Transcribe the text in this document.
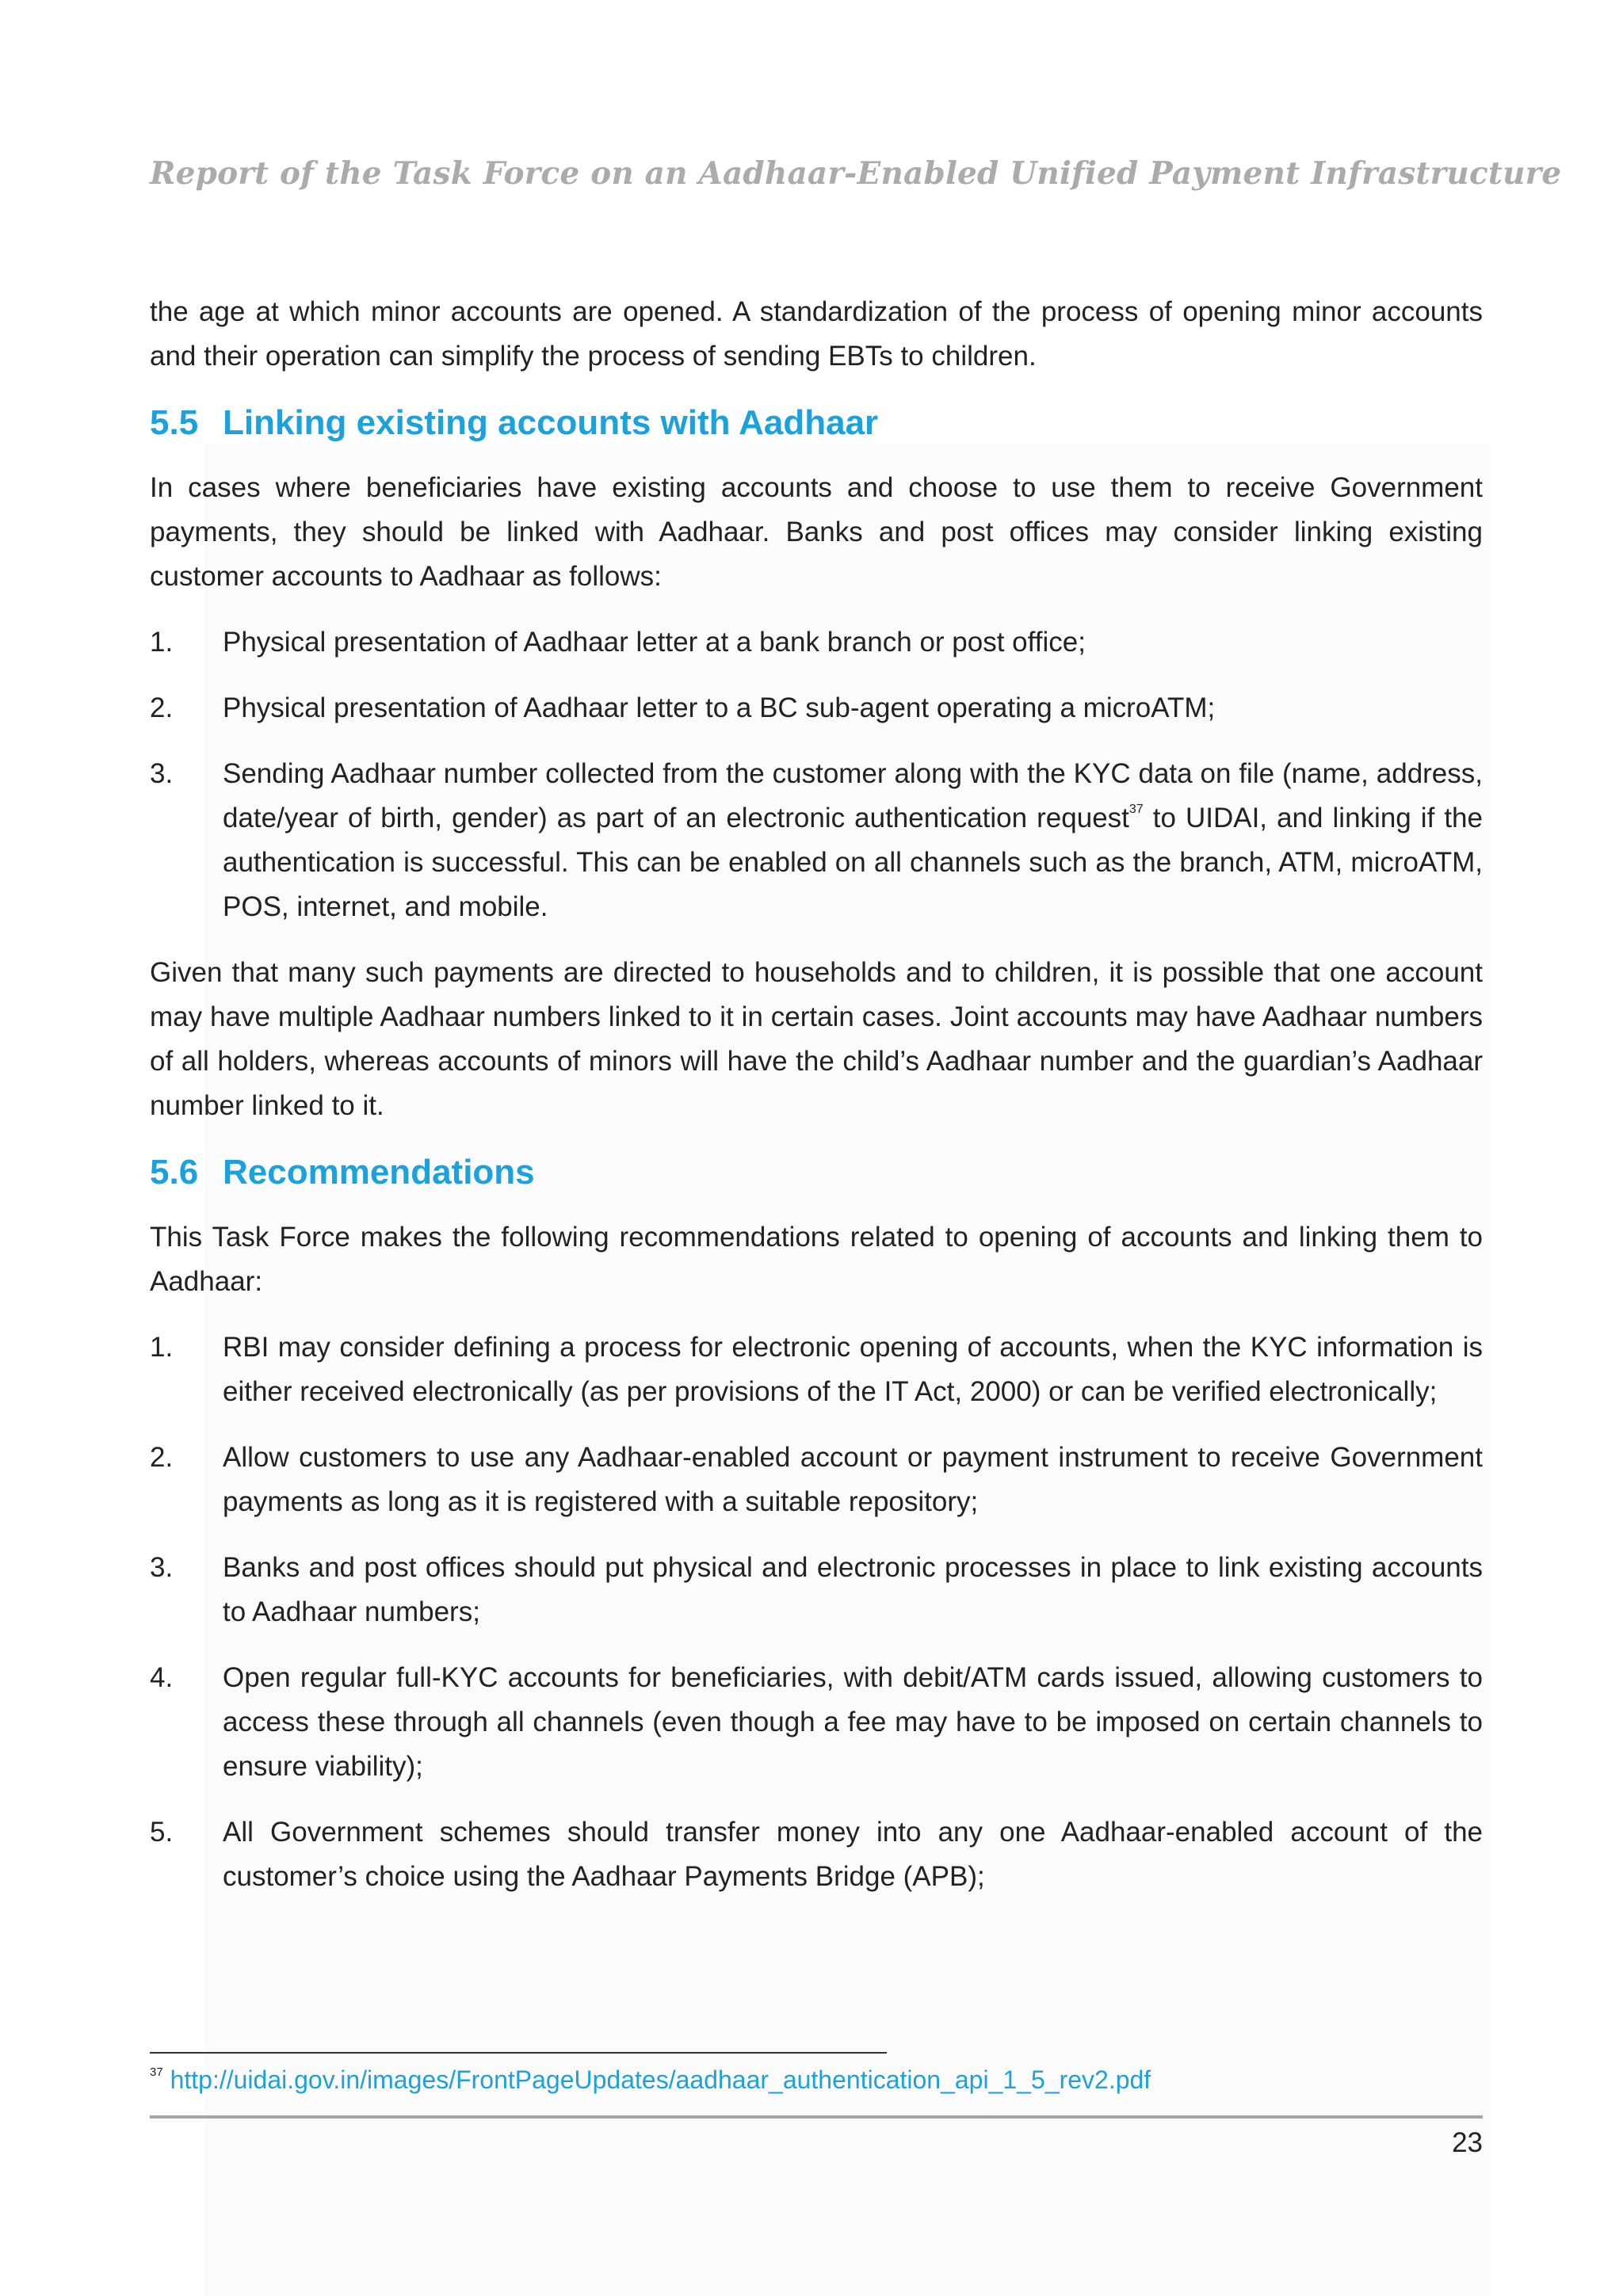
Report of the Task Force on an Aadhaar-Enabled Unified Payment Infrastructure

the age at which minor accounts are opened. A standardization of the process of opening minor accounts and their operation can simplify the process of sending EBTs to children.

5.5 Linking existing accounts with Aadhaar

In cases where beneficiaries have existing accounts and choose to use them to receive Government payments, they should be linked with Aadhaar. Banks and post offices may consider linking existing customer accounts to Aadhaar as follows:

1.	Physical presentation of Aadhaar letter at a bank branch or post office;
2.	Physical presentation of Aadhaar letter to a BC sub-agent operating a microATM;
3.	Sending Aadhaar number collected from the customer along with the KYC data on file (name, address, date/year of birth, gender) as part of an electronic authentication request$^{37}$ to UIDAI, and linking if the authentication is successful. This can be enabled on all channels such as the branch, ATM, microATM, POS, internet, and mobile.

Given that many such payments are directed to households and to children, it is possible that one account may have multiple Aadhaar numbers linked to it in certain cases. Joint accounts may have Aadhaar numbers of all holders, whereas accounts of minors will have the child’s Aadhaar number and the guardian’s Aadhaar number linked to it.

5.6 Recommendations

This Task Force makes the following recommendations related to opening of accounts and linking them to Aadhaar:

1.	RBI may consider defining a process for electronic opening of accounts, when the KYC information is either received electronically (as per provisions of the IT Act, 2000) or can be verified electronically;
2.	Allow customers to use any Aadhaar-enabled account or payment instrument to receive Government payments as long as it is registered with a suitable repository;
3.	Banks and post offices should put physical and electronic processes in place to link existing accounts to Aadhaar numbers;
4.	Open regular full-KYC accounts for beneficiaries, with debit/ATM cards issued, allowing customers to access these through all channels (even though a fee may have to be imposed on certain channels to ensure viability);
5.	All Government schemes should transfer money into any one Aadhaar-enabled account of the customer’s choice using the Aadhaar Payments Bridge (APB);
$^{37}$ http://uidai.gov.in/images/FrontPageUpdates/aadhaar_authentication_api_1_5_rev2.pdf
23
